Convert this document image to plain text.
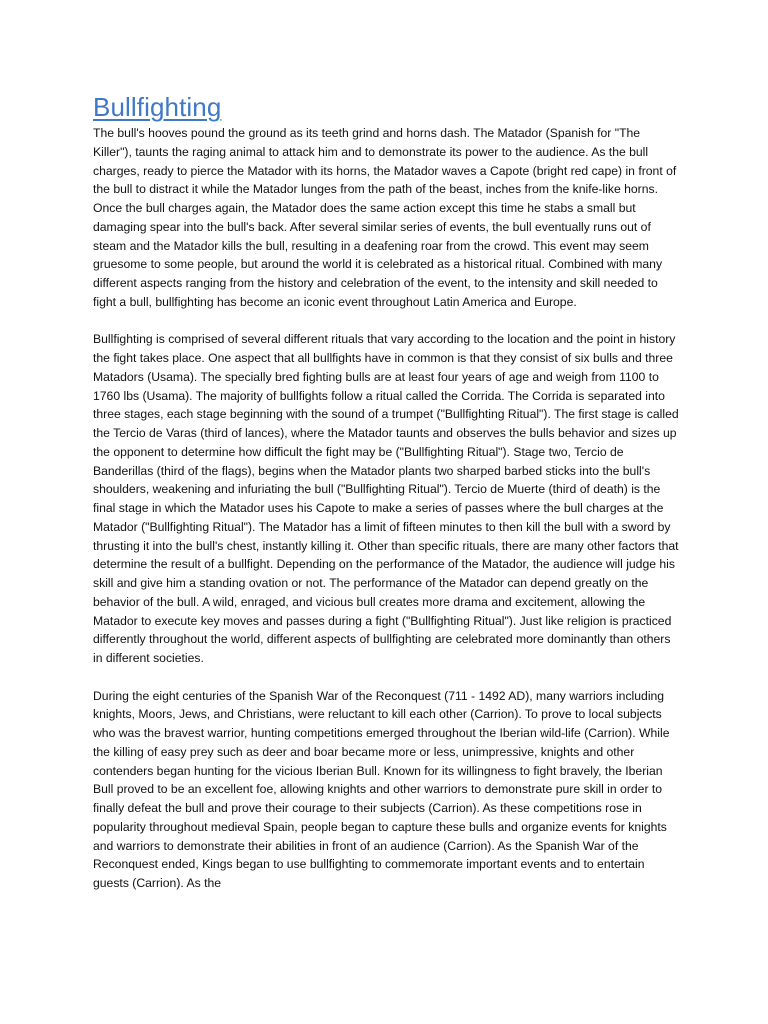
Bullfighting

The bull's hooves pound the ground as its teeth grind and horns dash. The Matador (Spanish for "The Killer"), taunts the raging animal to attack him and to demonstrate its power to the audience. As the bull charges, ready to pierce the Matador with its horns, the Matador waves a Capote (bright red cape) in front of the bull to distract it while the Matador lunges from the path of the beast, inches from the knife-like horns. Once the bull charges again, the Matador does the same action except this time he stabs a small but damaging spear into the bull's back. After several similar series of events, the bull eventually runs out of steam and the Matador kills the bull, resulting in a deafening roar from the crowd. This event may seem gruesome to some people, but around the world it is celebrated as a historical ritual. Combined with many different aspects ranging from the history and celebration of the event, to the intensity and skill needed to fight a bull, bullfighting has become an iconic event throughout Latin America and Europe.

Bullfighting is comprised of several different rituals that vary according to the location and the point in history the fight takes place. One aspect that all bullfights have in common is that they consist of six bulls and three Matadors (Usama). The specially bred fighting bulls are at least four years of age and weigh from 1100 to 1760 lbs (Usama). The majority of bullfights follow a ritual called the Corrida. The Corrida is separated into three stages, each stage beginning with the sound of a trumpet ("Bullfighting Ritual"). The first stage is called the Tercio de Varas (third of lances), where the Matador taunts and observes the bulls behavior and sizes up the opponent to determine how difficult the fight may be ("Bullfighting Ritual"). Stage two, Tercio de Banderillas (third of the flags), begins when the Matador plants two sharped barbed sticks into the bull's shoulders, weakening and infuriating the bull ("Bullfighting Ritual"). Tercio de Muerte (third of death) is the final stage in which the Matador uses his Capote to make a series of passes where the bull charges at the Matador ("Bullfighting Ritual"). The Matador has a limit of fifteen minutes to then kill the bull with a sword by thrusting it into the bull's chest, instantly killing it. Other than specific rituals, there are many other factors that determine the result of a bullfight. Depending on the performance of the Matador, the audience will judge his skill and give him a standing ovation or not. The performance of the Matador can depend greatly on the behavior of the bull. A wild, enraged, and vicious bull creates more drama and excitement, allowing the Matador to execute key moves and passes during a fight ("Bullfighting Ritual"). Just like religion is practiced differently throughout the world, different aspects of bullfighting are celebrated more dominantly than others in different societies.

During the eight centuries of the Spanish War of the Reconquest (711 - 1492 AD), many warriors including knights, Moors, Jews, and Christians, were reluctant to kill each other (Carrion). To prove to local subjects who was the bravest warrior, hunting competitions emerged throughout the Iberian wild-life (Carrion). While the killing of easy prey such as deer and boar became more or less, unimpressive, knights and other contenders began hunting for the vicious Iberian Bull. Known for its willingness to fight bravely, the Iberian Bull proved to be an excellent foe, allowing knights and other warriors to demonstrate pure skill in order to finally defeat the bull and prove their courage to their subjects (Carrion). As these competitions rose in popularity throughout medieval Spain, people began to capture these bulls and organize events for knights and warriors to demonstrate their abilities in front of an audience (Carrion). As the Spanish War of the Reconquest ended, Kings began to use bullfighting to commemorate important events and to entertain guests (Carrion). As the
